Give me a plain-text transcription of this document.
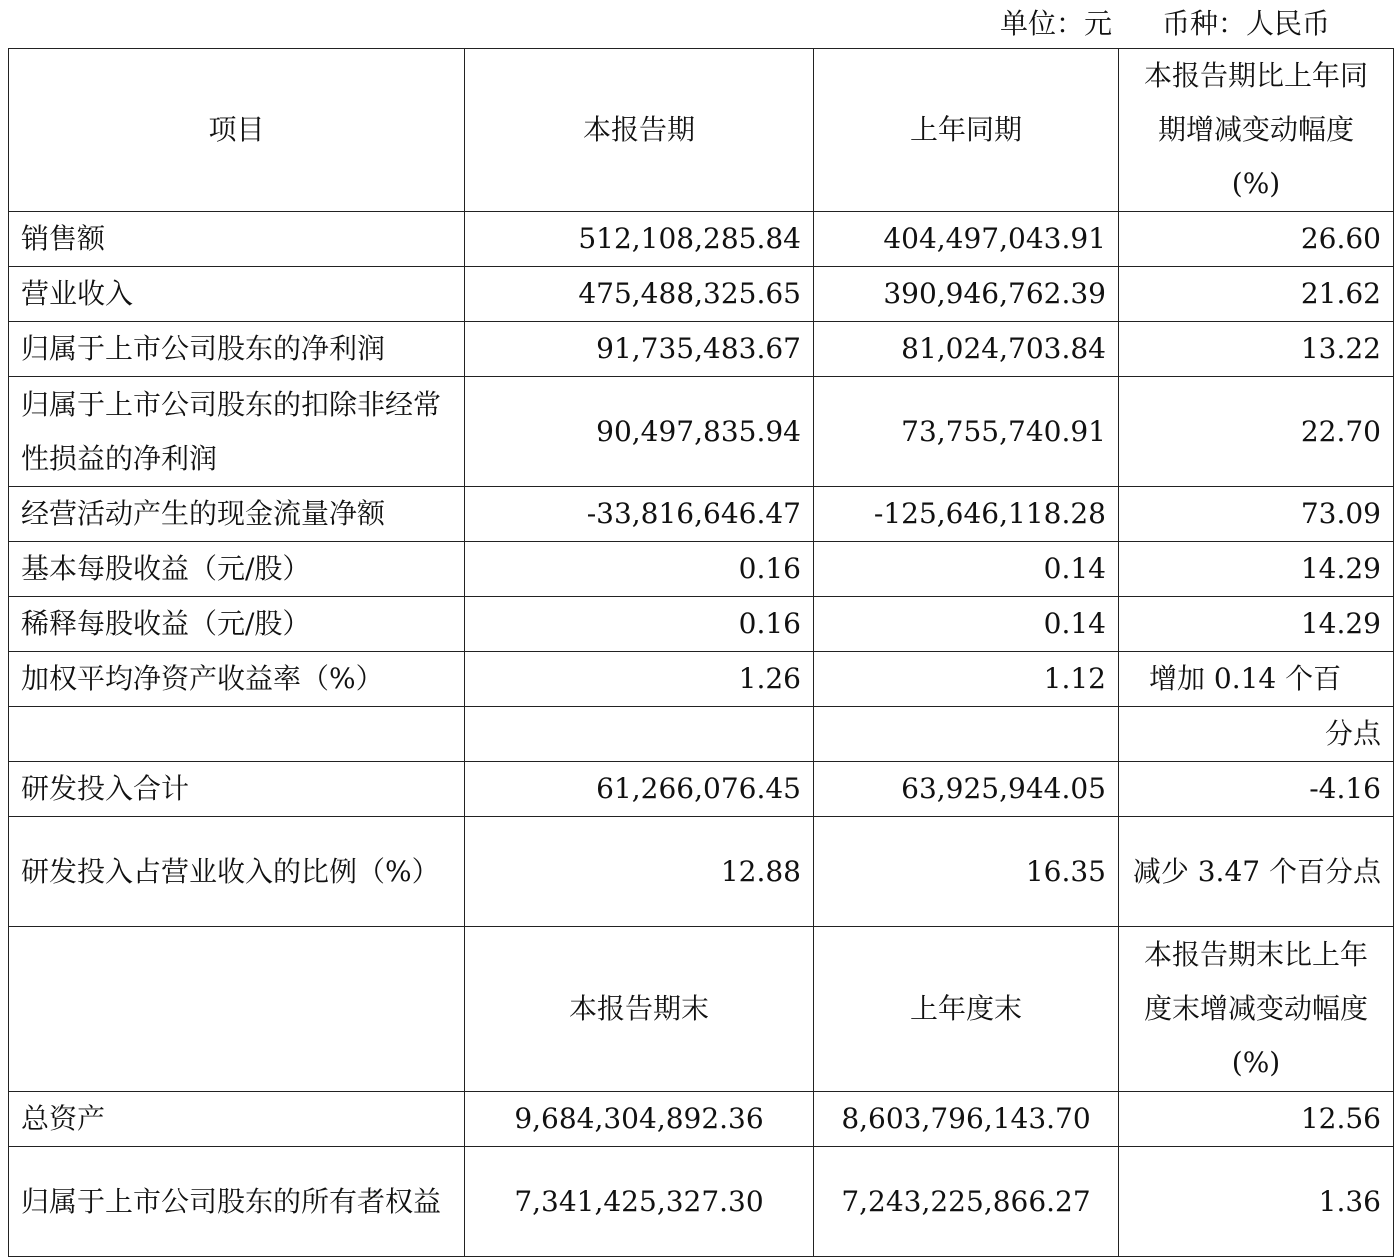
单位：元 币种：人民币
项目	本报告期	上年同期	本报告期比上年同期增减变动幅度(%)
销售额	512,108,285.84	404,497,043.91	26.60
营业收入	475,488,325.65	390,946,762.39	21.62
归属于上市公司股东的净利润	91,735,483.67	81,024,703.84	13.22
归属于上市公司股东的扣除非经常性损益的净利润	90,497,835.94	73,755,740.91	22.70
经营活动产生的现金流量净额	-33,816,646.47	-125,646,118.28	73.09
基本每股收益（元/股）	0.16	0.14	14.29
稀释每股收益（元/股）	0.16	0.14	14.29
加权平均净资产收益率（%）	1.26	1.12	增加 0.14 个百
			分点
研发投入合计	61,266,076.45	63,925,944.05	-4.16
研发投入占营业收入的比例（%）	12.88	16.35	减少 3.47 个百分点
	本报告期末	上年度末	本报告期末比上年度末增减变动幅度(%)
总资产	9,684,304,892.36	8,603,796,143.70	12.56
归属于上市公司股东的所有者权益	7,341,425,327.30	7,243,225,866.27	1.36
